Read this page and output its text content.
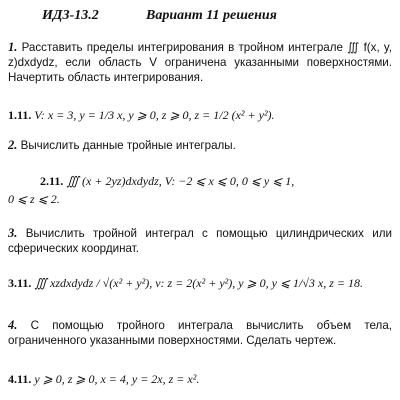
ИДЗ-13.2	Вариант 11 решения
1. Расставить пределы интегрирования в тройном интеграле ∭ f(x, y, z)dxdydz, если область V ограничена указанными поверхностями. Начертить область интегрирования.
1.11. V: x = 3, y = 1/3 x, y ⩾ 0, z ⩾ 0, z = 1/2 (x² + y²).
2. Вычислить данные тройные интегралы.
2.11. ∭ (x + 2yz)dxdydz, V: −2 ⩽ x ⩽ 0, 0 ⩽ y ⩽ 1,
0 ⩽ z ⩽ 2.
3. Вычислить тройной интеграл с помощью цилиндрических или сферических координат.
3.11. ∭ xzdxdydz / √(x² + y²), v: z = 2(x² + y²), y ⩾ 0, y ⩽ 1/√3 x, z = 18.
4. С помощью тройного интеграла вычислить объем тела, ограниченного указанными поверхностями. Сделать чертеж.
4.11. y ⩾ 0, z ⩾ 0, x = 4, y = 2x, z = x².
